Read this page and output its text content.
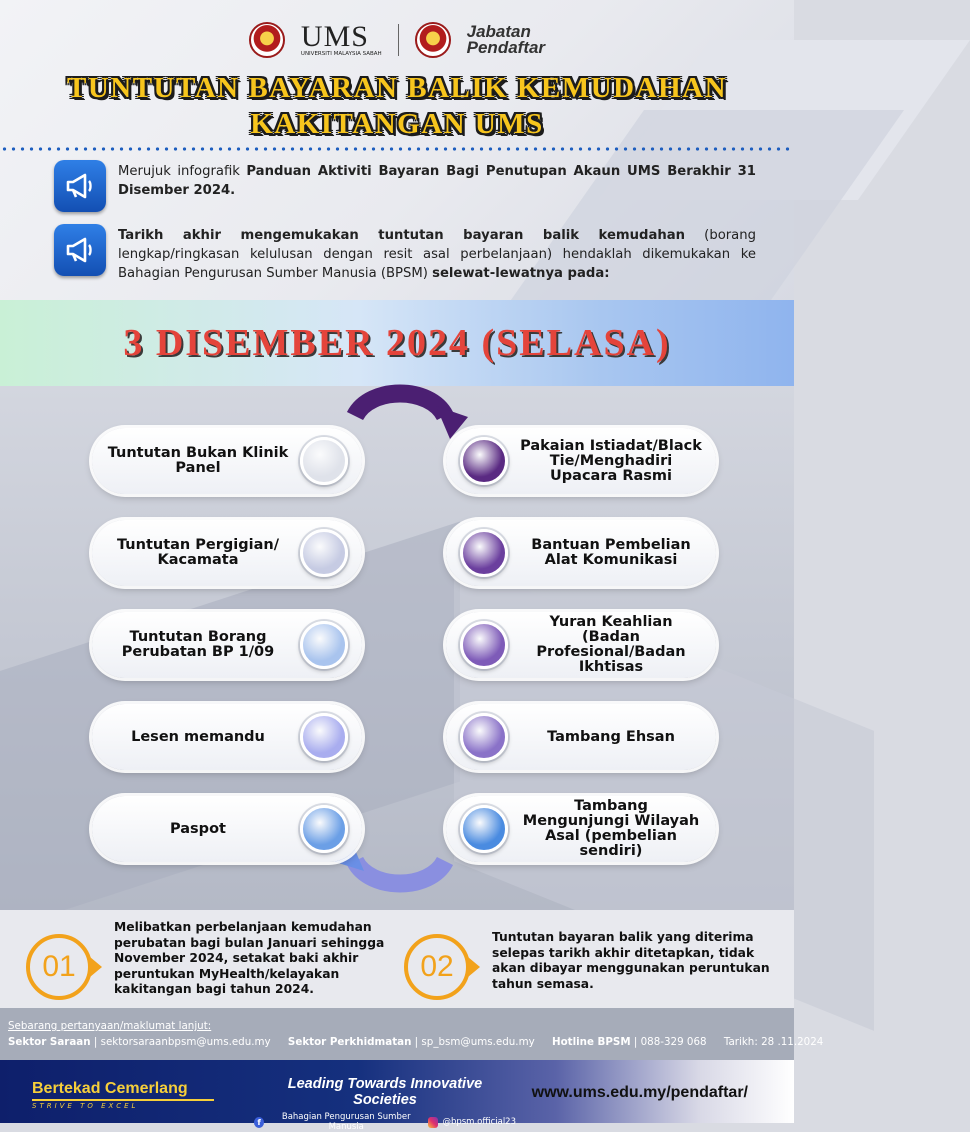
UMS
UNIVERSITI MALAYSIA SABAH
Jabatan
Pendaftar
TUNTUTAN BAYARAN BALIK KEMUDAHAN
KAKITANGAN UMS
Merujuk infografik Panduan Aktiviti Bayaran Bagi Penutupan Akaun UMS Berakhir 31 Disember 2024.
Tarikh akhir mengemukakan tuntutan bayaran balik kemudahan (borang lengkap/ringkasan kelulusan dengan resit asal perbelanjaan) hendaklah dikemukakan ke Bahagian Pengurusan Sumber Manusia (BPSM) selewat-lewatnya pada:
3 DISEMBER 2024 (SELASA)
Tuntutan Bukan Klinik Panel
Tuntutan Pergigian/ Kacamata
Tuntutan Borang Perubatan BP 1/09
Lesen memandu
Paspot
Pakaian Istiadat/Black Tie/Menghadiri Upacara Rasmi
Bantuan Pembelian Alat Komunikasi
Yuran Keahlian (Badan Profesional/Badan Ikhtisas
Tambang Ehsan
Tambang Mengunjungi Wilayah Asal (pembelian sendiri)
01
Melibatkan perbelanjaan kemudahan perubatan bagi bulan Januari sehingga November 2024, setakat baki akhir peruntukan MyHealth/kelayakan kakitangan bagi tahun 2024.
02
Tuntutan bayaran balik yang diterima selepas tarikh akhir ditetapkan, tidak akan dibayar menggunakan peruntukan tahun semasa.
Sebarang pertanyaan/maklumat lanjut:
Sektor Saraan | sektorsaraanbpsm@ums.edu.my Sektor Perkhidmatan | sp_bsm@ums.edu.my Hotline BPSM | 088-329 068 Tarikh: 28 .11.2024
Bertekad Cemerlang
STRIVE TO EXCEL
Leading Towards Innovative Societies
f	Bahagian Pengurusan Sumber Manusia	@bpsm.official23
www.ums.edu.my/pendaftar/
